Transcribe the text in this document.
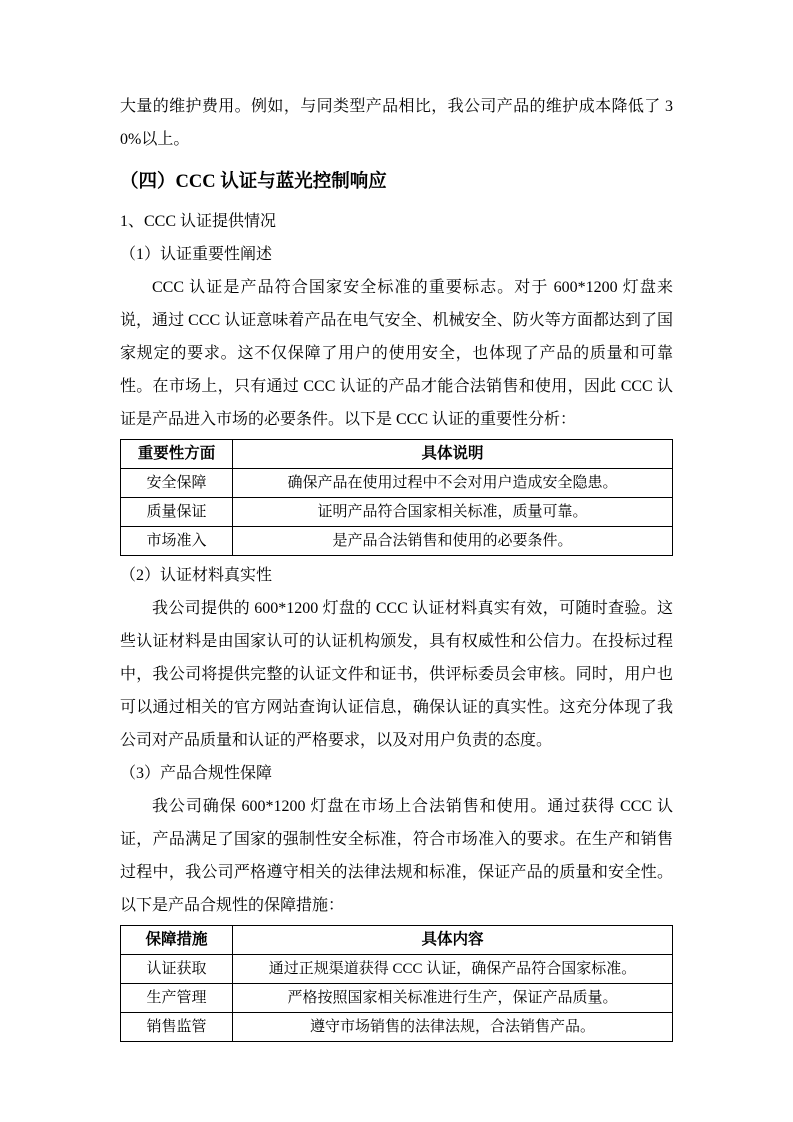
大量的维护费用。例如，与同类型产品相比，我公司产品的维护成本降低了 30%以上。

（四）CCC 认证与蓝光控制响应
1、CCC 认证提供情况
（1）认证重要性阐述

CCC 认证是产品符合国家安全标准的重要标志。对于 600*1200 灯盘来说，通过 CCC 认证意味着产品在电气安全、机械安全、防火等方面都达到了国家规定的要求。这不仅保障了用户的使用安全，也体现了产品的质量和可靠性。在市场上，只有通过 CCC 认证的产品才能合法销售和使用，因此 CCC 认证是产品进入市场的必要条件。以下是 CCC 认证的重要性分析：

重要性方面	具体说明
安全保障	确保产品在使用过程中不会对用户造成安全隐患。
质量保证	证明产品符合国家相关标准，质量可靠。
市场准入	是产品合法销售和使用的必要条件。
（2）认证材料真实性

我公司提供的 600*1200 灯盘的 CCC 认证材料真实有效，可随时查验。这些认证材料是由国家认可的认证机构颁发，具有权威性和公信力。在投标过程中，我公司将提供完整的认证文件和证书，供评标委员会审核。同时，用户也可以通过相关的官方网站查询认证信息，确保认证的真实性。这充分体现了我公司对产品质量和认证的严格要求，以及对用户负责的态度。

（3）产品合规性保障

我公司确保 600*1200 灯盘在市场上合法销售和使用。通过获得 CCC 认证，产品满足了国家的强制性安全标准，符合市场准入的要求。在生产和销售过程中，我公司严格遵守相关的法律法规和标准，保证产品的质量和安全性。以下是产品合规性的保障措施：

保障措施	具体内容
认证获取	通过正规渠道获得 CCC 认证，确保产品符合国家标准。
生产管理	严格按照国家相关标准进行生产，保证产品质量。
销售监管	遵守市场销售的法律法规，合法销售产品。
